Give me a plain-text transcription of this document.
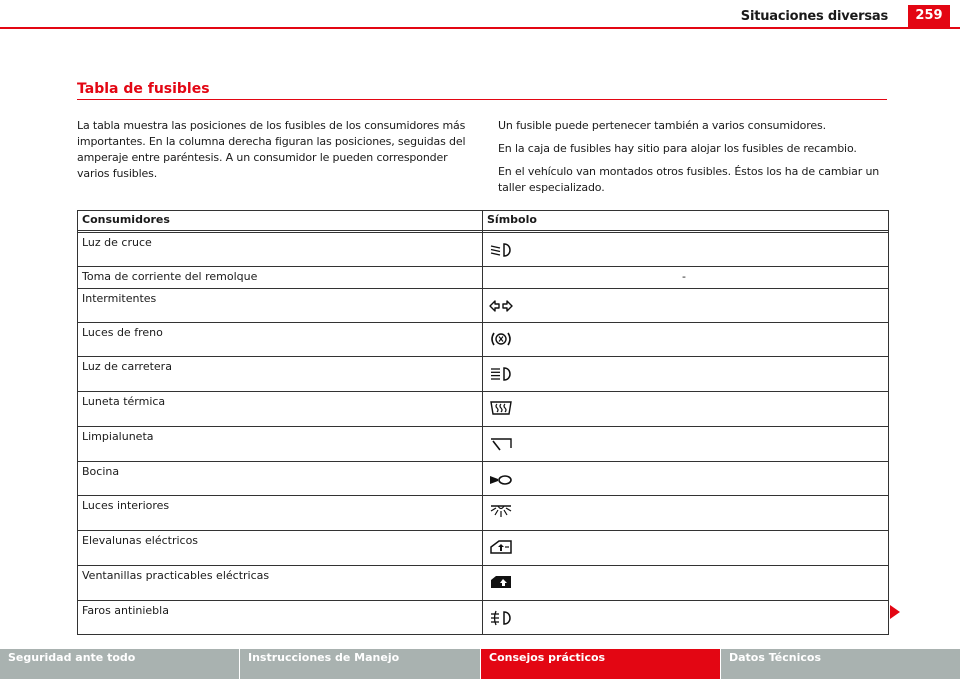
Situaciones diversas	259
Tabla de fusibles

La tabla muestra las posiciones de los fusibles de los consumidores más importantes. En la columna derecha figuran las posiciones, seguidas del amperaje entre paréntesis. A un consumidor le pueden corresponder varios fusibles.

Un fusible puede pertenecer también a varios consumidores.

En la caja de fusibles hay sitio para alojar los fusibles de recambio.

En el vehículo van montados otros fusibles. Éstos los ha de cambiar un taller especializado.

Consumidores	Símbolo
Luz de cruce
Toma de corriente del remolque	-
Intermitentes
Luces de freno
Luz de carretera
Luneta térmica
Limpialuneta
Bocina
Luces interiores
Elevalunas eléctricos
Ventanillas practicables eléctricas
Faros antiniebla
Seguridad ante todo	Instrucciones de Manejo	Consejos prácticos	Datos Técnicos
